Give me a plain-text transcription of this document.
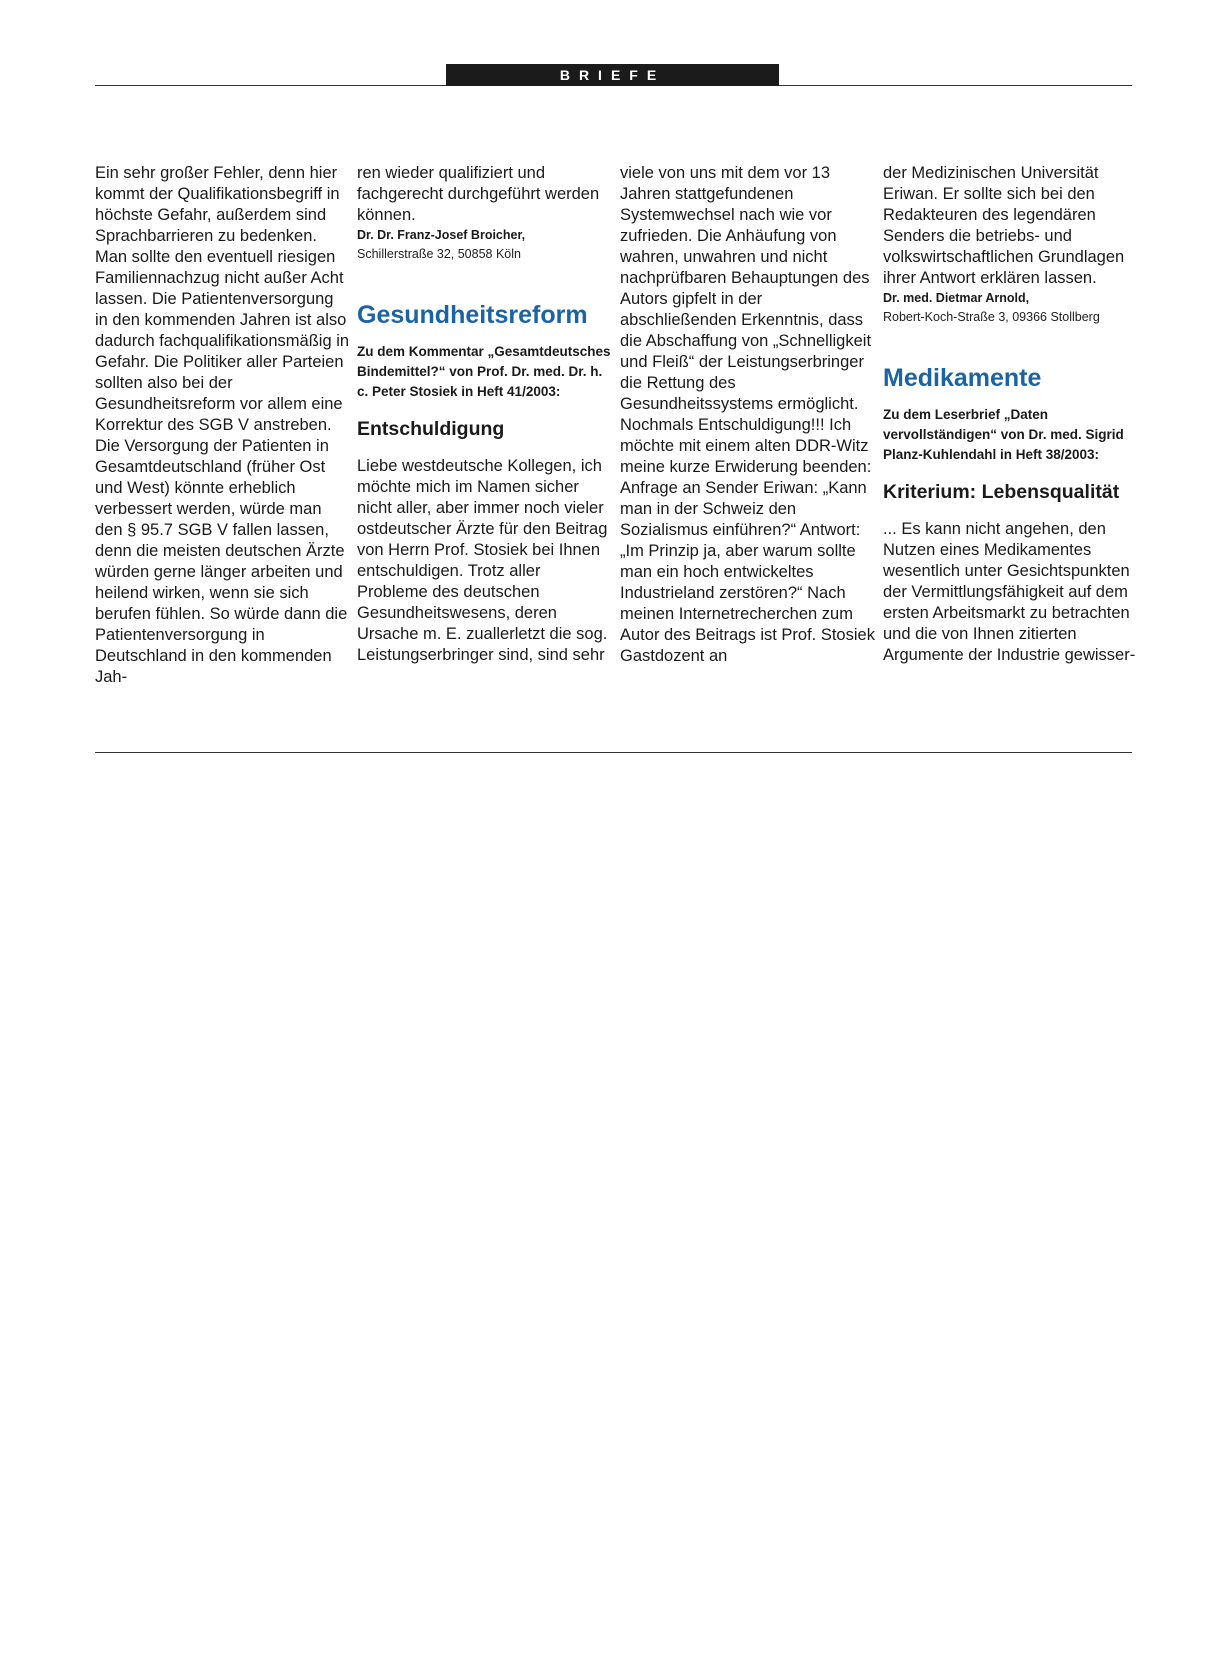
BRIEFE

Ein sehr großer Fehler, denn hier kommt der Qualifikationsbegriff in höchste Gefahr, außerdem sind Sprachbarrieren zu bedenken. Man sollte den eventuell riesigen Familiennachzug nicht außer Acht lassen. Die Patientenversorgung in den kommenden Jahren ist also dadurch fachqualifikationsmäßig in Gefahr. Die Politiker aller Parteien sollten also bei der Gesundheitsreform vor allem eine Korrektur des SGB V anstreben. Die Versorgung der Patienten in Gesamtdeutschland (früher Ost und West) könnte erheblich verbessert werden, würde man den § 95.7 SGB V fallen lassen, denn die meisten deutschen Ärzte würden gerne länger arbeiten und heilend wirken, wenn sie sich berufen fühlen. So würde dann die Patientenversorgung in Deutschland in den kommenden Jah-

ren wieder qualifiziert und fachgerecht durchgeführt werden können.

Dr. Dr. Franz-Josef Broicher,

Schillerstraße 32, 50858 Köln

Gesundheitsreform

Zu dem Kommentar „Gesamtdeutsches Bindemittel?“ von Prof. Dr. med. Dr. h. c. Peter Stosiek in Heft 41/2003:

Entschuldigung

Liebe westdeutsche Kollegen, ich möchte mich im Namen sicher nicht aller, aber immer noch vieler ostdeutscher Ärzte für den Beitrag von Herrn Prof. Stosiek bei Ihnen entschuldigen. Trotz aller Probleme des deutschen Gesundheitswesens, deren Ursache m. E. zuallerletzt die sog. Leistungserbringer sind, sind sehr

viele von uns mit dem vor 13 Jahren stattgefundenen Systemwechsel nach wie vor zufrieden. Die Anhäufung von wahren, unwahren und nicht nachprüfbaren Behauptungen des Autors gipfelt in der abschließenden Erkenntnis, dass die Abschaffung von „Schnelligkeit und Fleiß“ der Leistungserbringer die Rettung des Gesundheitssystems ermöglicht. Nochmals Entschuldigung!!! Ich möchte mit einem alten DDR-Witz meine kurze Erwiderung beenden: Anfrage an Sender Eriwan: „Kann man in der Schweiz den Sozialismus einführen?“ Antwort: „Im Prinzip ja, aber warum sollte man ein hoch entwickeltes Industrieland zerstören?“ Nach meinen Internetrecherchen zum Autor des Beitrags ist Prof. Stosiek Gastdozent an

der Medizinischen Universität Eriwan. Er sollte sich bei den Redakteuren des legendären Senders die betriebs- und volkswirtschaftlichen Grundlagen ihrer Antwort erklären lassen.

Dr. med. Dietmar Arnold,

Robert-Koch-Straße 3, 09366 Stollberg

Medikamente

Zu dem Leserbrief „Daten vervollständigen“ von Dr. med. Sigrid Planz-Kuhlendahl in Heft 38/2003:

Kriterium: Lebensqualität

... Es kann nicht angehen, den Nutzen eines Medikamentes wesentlich unter Gesichtspunkten der Vermittlungsfähigkeit auf dem ersten Arbeitsmarkt zu betrachten und die von Ihnen zitierten Argumente der Industrie gewisser-
